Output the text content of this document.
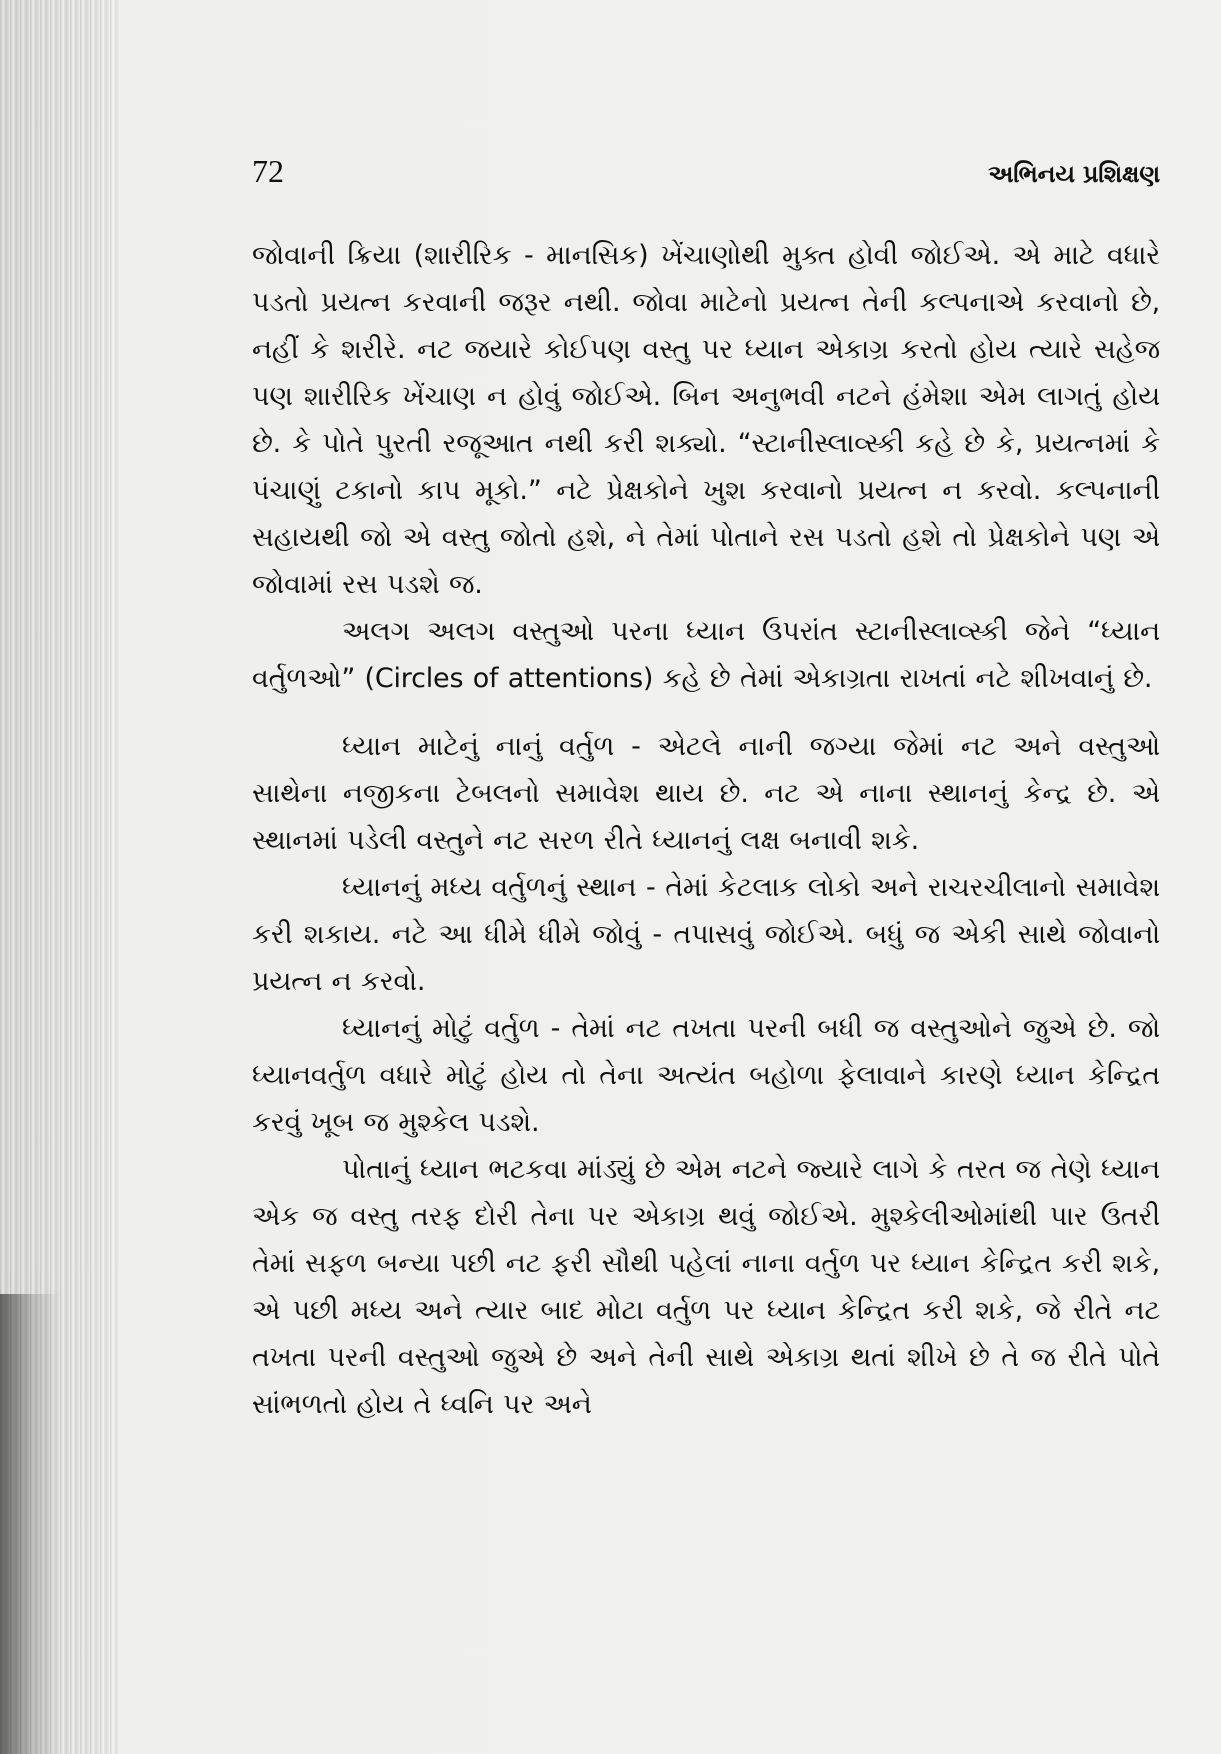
72	અભિનય પ્રશિક્ષણ

જોવાની ક્રિયા (શારીરિક - માનસિક) ખેંચાણોથી મુક્ત હોવી જોઈએ. એ માટે વધારે પડતો પ્રયત્ન કરવાની જરૂર નથી. જોવા માટેનો પ્રયત્ન તેની કલ્પનાએ કરવાનો છે, નહીં કે શરીરે. નટ જયારે કોઈપણ વસ્તુ પર ધ્યાન એકાગ્ર કરતો હોય ત્યારે સહેજ પણ શારીરિક ખેંચાણ ન હોવું જોઈએ. બિન અનુભવી નટને હંમેશા એમ લાગતું હોય છે. કે પોતે પુરતી રજૂઆત નથી કરી શક્યો. “સ્ટાનીસ્લાવ્સ્કી કહે છે કે, પ્રયત્નમાં કે પંચાણું ટકાનો કાપ મૂકો.” નટે પ્રેક્ષકોને ખુશ કરવાનો પ્રયત્ન ન કરવો. કલ્પનાની સહાયથી જો એ વસ્તુ જોતો હશે, ને તેમાં પોતાને રસ પડતો હશે તો પ્રેક્ષકોને પણ એ જોવામાં રસ પડશે જ.

અલગ અલગ વસ્તુઓ પરના ધ્યાન ઉપરાંત સ્ટાનીસ્લાવ્સ્કી જેને “ધ્યાન વર્તુળઓ” (Circles of attentions) કહે છે તેમાં એકાગ્રતા રાખતાં નટે શીખવાનું છે.

ધ્યાન માટેનું નાનું વર્તુળ - એટલે નાની જગ્યા જેમાં નટ અને વસ્તુઓ સાથેના નજીકના ટેબલનો સમાવેશ થાય છે. નટ એ નાના સ્થાનનું કેન્દ્ર છે. એ સ્થાનમાં પડેલી વસ્તુને નટ સરળ રીતે ધ્યાનનું લક્ષ બનાવી શકે.

ધ્યાનનું મધ્ય વર્તુળનું સ્થાન - તેમાં કેટલાક લોકો અને રાચરચીલાનો સમાવેશ કરી શકાય. નટે આ ધીમે ધીમે જોવું - તપાસવું જોઈએ. બધું જ એકી સાથે જોવાનો પ્રયત્ન ન કરવો.

ધ્યાનનું મોટું વર્તુળ - તેમાં નટ તખતા પરની બધી જ વસ્તુઓને જુએ છે. જો ધ્યાનવર્તુળ વધારે મોટું હોય તો તેના અત્યંત બહોળા ફેલાવાને કારણે ધ્યાન કેન્દ્રિત કરવું ખૂબ જ મુશ્કેલ પડશે.

પોતાનું ધ્યાન ભટકવા માંડ્યું છે એમ નટને જ્યારે લાગે કે તરત જ તેણે ધ્યાન એક જ વસ્તુ તરફ દોરી તેના પર એકાગ્ર થવું જોઈએ. મુશ્કેલીઓમાંથી પાર ઉતરી તેમાં સફળ બન્યા પછી નટ ફરી સૌથી પહેલાં નાના વર્તુળ પર ધ્યાન કેન્દ્રિત કરી શકે, એ પછી મધ્ય અને ત્યાર બાદ મોટા વર્તુળ પર ધ્યાન કેન્દ્રિત કરી શકે, જે રીતે નટ તખતા પરની વસ્તુઓ જુએ છે અને તેની સાથે એકાગ્ર થતાં શીખે છે તે જ રીતે પોતે સાંભળતો હોય તે ધ્વનિ પર અને
